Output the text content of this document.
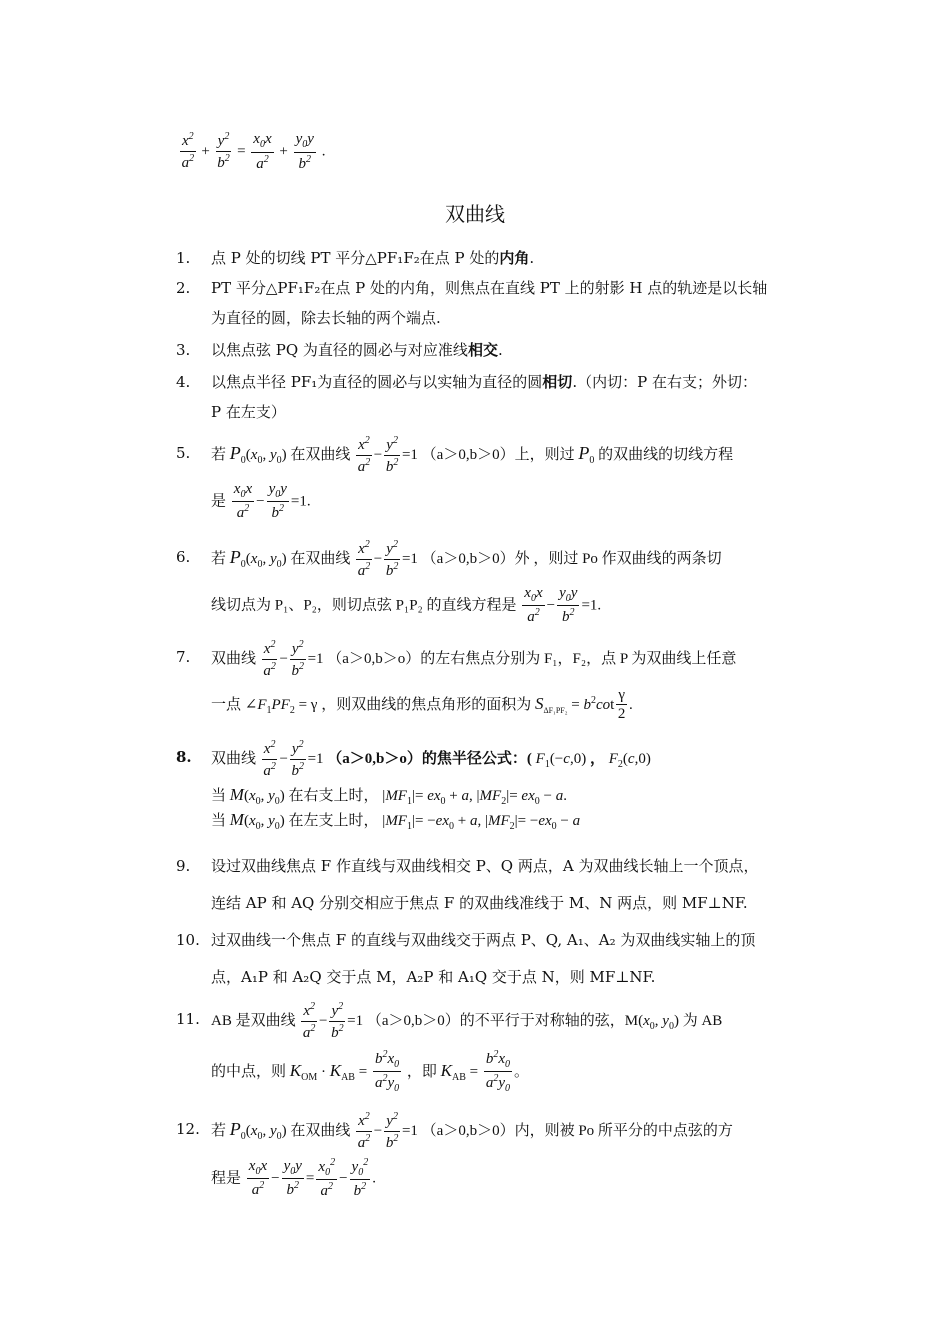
$\frac{x^2}{a^2} + \frac{y^2}{b^2} = \frac{x_0x}{a^2} + \frac{y_0y}{b^2}$ .
双曲线
1.	点 P 处的切线 PT 平分△PF₁F₂在点 P 处的内角.
2.	PT 平分△PF₁F₂在点 P 处的内角，则焦点在直线 PT 上的射影 H 点的轨迹是以长轴
为直径的圆，除去长轴的两个端点.
3.	以焦点弦 PQ 为直径的圆必与对应准线相交.
4.	以焦点半径 PF₁为直径的圆必与以实轴为直径的圆相切.（内切：P 在右支；外切：
P 在左支）
5.	若 $P_0(x_0$, $y_0$) 在双曲线 $\frac{x^2}{a^2} - \frac{y^2}{b^2} =1$ （a＞0,b＞0）上，则过 $P_0$ 的双曲线的切线方程
是 $\frac{x_0x}{a^2} - \frac{y_0y}{b^2} =1$.
6.	若 $P_0(x_0$, $y_0$) 在双曲线 $\frac{x^2}{a^2} - \frac{y^2}{b^2} =1$ （a＞0,b＞0）外 ，则过 Po 作双曲线的两条切
线切点为 P₁、P₂，则切点弦 P₁P₂ 的直线方程是 $\frac{x_0x}{a^2} - \frac{y_0y}{b^2} =1$.
7.	双曲线 $\frac{x^2}{a^2} - \frac{y^2}{b^2} =1$ （a＞0,b＞o）的左右焦点分别为 F₁，F₂，点 P 为双曲线上任意
一点 $\angle F_1PF_2 = \gamma$ ，则双曲线的焦点角形的面积为 $S_{\Delta F_1PF_2} = b^2\cot \frac{\gamma}{2}$ .
8.	双曲线 $\frac{x^2}{a^2} - \frac{y^2}{b^2} =1$ （a＞0,b＞o）的焦半径公式：( $F_1(-c,0)$ ， $F_2(c,0)$
当 $M(x_0$, $y_0$) 在右支上时， $|MF_1|= ex_0 + a$, $|MF_2|= ex_0 - a$.
当 $M(x_0$, $y_0$) 在左支上时， $|MF_1|= -ex_0 + a$, $|MF_2|= -ex_0 - a$
9.	设过双曲线焦点 F 作直线与双曲线相交 P、Q 两点，A 为双曲线长轴上一个顶点，
连结 AP 和 AQ 分别交相应于焦点 F 的双曲线准线于 M、N 两点，则 MF⊥NF.
10. 过双曲线一个焦点 F 的直线与双曲线交于两点 P、Q, A₁、A₂ 为双曲线实轴上的顶
点，A₁P 和 A₂Q 交于点 M，A₂P 和 A₁Q 交于点 N，则 MF⊥NF.
11. AB 是双曲线 $\frac{x^2}{a^2} - \frac{y^2}{b^2} =1$ （a＞0,b＞0）的不平行于对称轴的弦，$M(x_0$, $y_0$) 为 AB
的中点，则 $K_{OM} \cdot K_{AB} = \frac{b^2x_0}{a^2y_0}$ ，即 $K_{AB} = \frac{b^2x_0}{a^2y_0}$ 。
12. 若 $P_0(x_0$, $y_0$) 在双曲线 $\frac{x^2}{a^2} - \frac{y^2}{b^2} =1$ （a＞0,b＞0）内，则被 Po 所平分的中点弦的方
程是 $\frac{x_0x}{a^2} - \frac{y_0y}{b^2} = \frac{x_0^2}{a^2} - \frac{y_0^2}{b^2}$ .
